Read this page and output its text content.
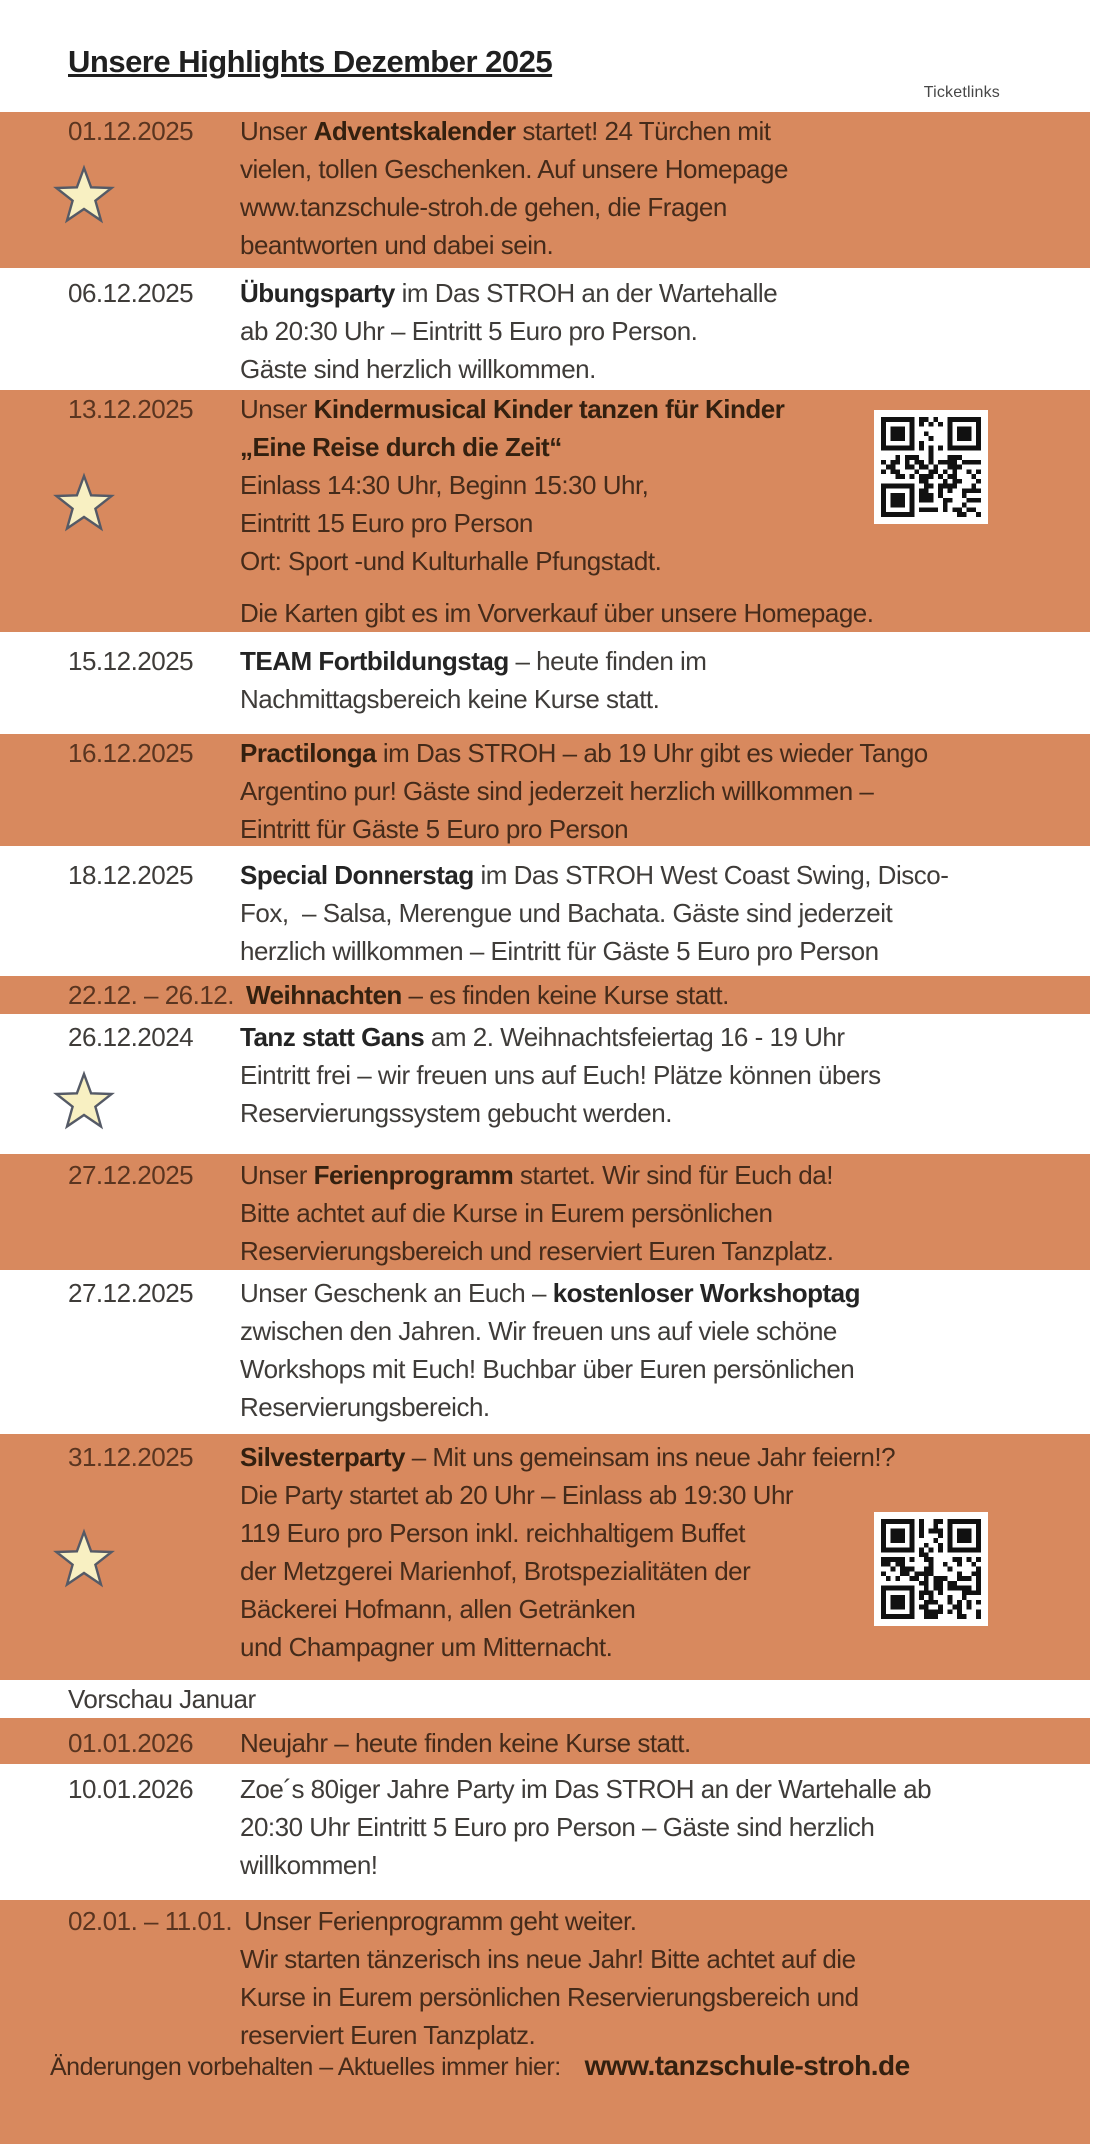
Unsere Highlights Dezember 2025
Ticketlinks
01.12.2025	Unser Adventskalender startet! 24 Türchen mit
vielen, tollen Geschenken. Auf unsere Homepage
www.tanzschule-stroh.de gehen, die Fragen
beantworten und dabei sein.
06.12.2025	Übungsparty im Das STROH an der Wartehalle
ab 20:30 Uhr – Eintritt 5 Euro pro Person.
Gäste sind herzlich willkommen.
13.12.2025	Unser Kindermusical Kinder tanzen für Kinder
„Eine Reise durch die Zeit“
Einlass 14:30 Uhr, Beginn 15:30 Uhr,
Eintritt 15 Euro pro Person
Ort: Sport -und Kulturhalle Pfungstadt.
Die Karten gibt es im Vorverkauf über unsere Homepage.
15.12.2025	TEAM Fortbildungstag – heute finden im
Nachmittagsbereich keine Kurse statt.
16.12.2025	Practilonga im Das STROH – ab 19 Uhr gibt es wieder Tango
Argentino pur! Gäste sind jederzeit herzlich willkommen –
Eintritt für Gäste 5 Euro pro Person
18.12.2025	Special Donnerstag im Das STROH West Coast Swing, Disco-
Fox,  – Salsa, Merengue und Bachata. Gäste sind jederzeit
herzlich willkommen – Eintritt für Gäste 5 Euro pro Person
22.12. – 26.12. Weihnachten – es finden keine Kurse statt.
26.12.2024	Tanz statt Gans am 2. Weihnachtsfeiertag 16 - 19 Uhr
Eintritt frei – wir freuen uns auf Euch! Plätze können übers
Reservierungssystem gebucht werden.
27.12.2025	Unser Ferienprogramm startet. Wir sind für Euch da!
Bitte achtet auf die Kurse in Eurem persönlichen
Reservierungsbereich und reserviert Euren Tanzplatz.
27.12.2025	Unser Geschenk an Euch – kostenloser Workshoptag
zwischen den Jahren. Wir freuen uns auf viele schöne
Workshops mit Euch! Buchbar über Euren persönlichen
Reservierungsbereich.
31.12.2025	Silvesterparty – Mit uns gemeinsam ins neue Jahr feiern!?
Die Party startet ab 20 Uhr – Einlass ab 19:30 Uhr
119 Euro pro Person inkl. reichhaltigem Buffet
der Metzgerei Marienhof, Brotspezialitäten der
Bäckerei Hofmann, allen Getränken
und Champagner um Mitternacht.
Vorschau Januar
01.01.2026	Neujahr – heute finden keine Kurse statt.
10.01.2026	Zoe´s 80iger Jahre Party im Das STROH an der Wartehalle ab
20:30 Uhr Eintritt 5 Euro pro Person – Gäste sind herzlich
willkommen!
02.01. – 11.01. Unser Ferienprogramm geht weiter.
Wir starten tänzerisch ins neue Jahr! Bitte achtet auf die
Kurse in Eurem persönlichen Reservierungsbereich und
reserviert Euren Tanzplatz.
Änderungen vorbehalten – Aktuelles immer hier: www.tanzschule-stroh.de
